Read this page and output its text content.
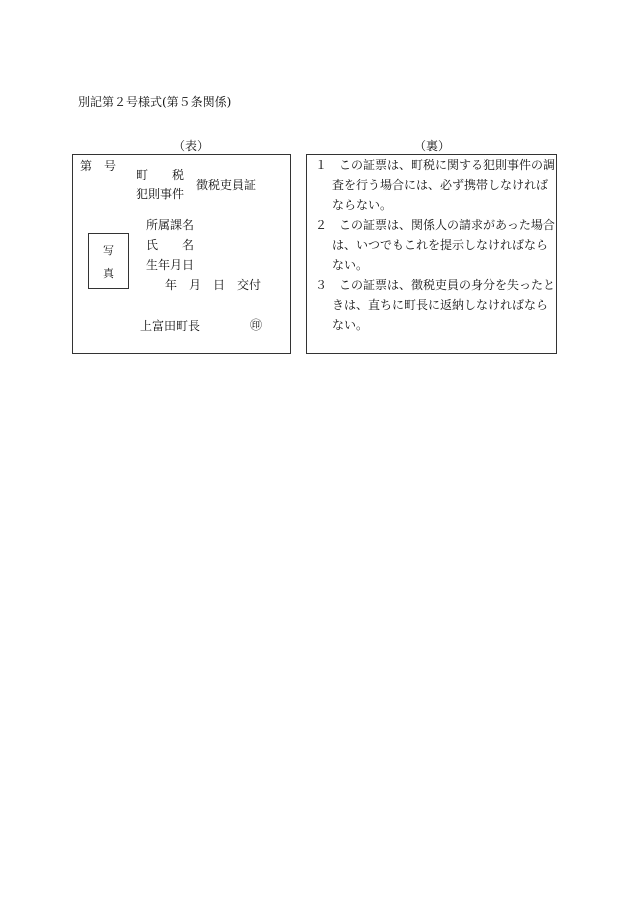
別記第２号様式(第５条関係)
（表）	（裏）
第　号
町　　税
犯則事件
徴税吏員証
写
真
所属課名
氏　　名
生年月日
年　月　日　交付
上富田町長	㊞
１　この証票は、町税に関する犯則事件の調
査を行う場合には、必ず携帯しなければ
ならない。
２　この証票は、関係人の請求があった場合
は、いつでもこれを提示しなければなら
ない。
３　この証票は、徴税吏員の身分を失ったと
きは、直ちに町長に返納しなければなら
ない。
